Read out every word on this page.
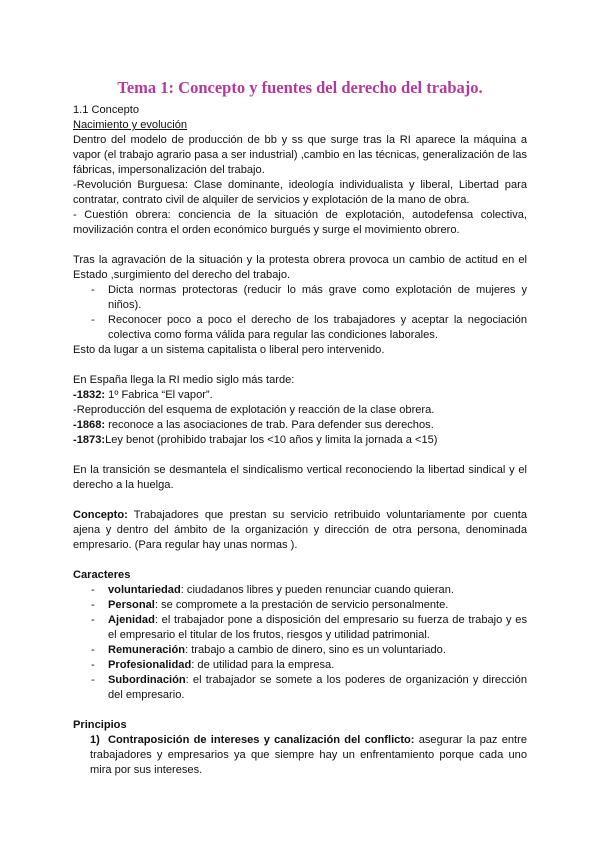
Tema 1: Concepto y fuentes del derecho del trabajo.
1.1 Concepto
Nacimiento y evolución
Dentro del modelo de producción de bb y ss que surge tras la RI aparece la máquina a
vapor (el trabajo agrario pasa a ser industrial) ,cambio en las técnicas, generalización de las
fábricas, impersonalización del trabajo.
-Revolución Burguesa: Clase dominante, ideología individualista y liberal, Libertad para
contratar, contrato civil de alquiler de servicios y explotación de la mano de obra.
- Cuestión obrera: conciencia de la situación de explotación, autodefensa colectiva,
movilización contra el orden económico burgués y surge el movimiento obrero.
Tras la agravación de la situación y la protesta obrera provoca un cambio de actitud en el
Estado ,surgimiento del derecho del trabajo.
- Dicta normas protectoras (reducir lo más grave como explotación de mujeres y
niños).
- Reconocer poco a poco el derecho de los trabajadores y aceptar la negociación
colectiva como forma válida para regular las condiciones laborales.
Esto da lugar a un sistema capitalista o liberal pero intervenido.
En España llega la RI medio siglo más tarde:
-1832: 1º Fabrica “El vapor”.
-Reproducción del esquema de explotación y reacción de la clase obrera.
-1868: reconoce a las asociaciones de trab. Para defender sus derechos.
-1873:Ley benot (prohibido trabajar los <10 años y limita la jornada a <15)
En la transición se desmantela el sindicalismo vertical reconociendo la libertad sindical y el
derecho a la huelga.
Concepto: Trabajadores que prestan su servicio retribuido voluntariamente por cuenta
ajena y dentro del ámbito de la organización y dirección de otra persona, denominada
empresario. (Para regular hay unas normas ).
Caracteres
- voluntariedad: ciudadanos libres y pueden renunciar cuando quieran.
- Personal: se compromete a la prestación de servicio personalmente.
- Ajenidad: el trabajador pone a disposición del empresario su fuerza de trabajo y es
el empresario el titular de los frutos, riesgos y utilidad patrimonial.
- Remuneración: trabajo a cambio de dinero, sino es un voluntariado.
- Profesionalidad: de utilidad para la empresa.
- Subordinación: el trabajador se somete a los poderes de organización y dirección
del empresario.
Principios
1) Contraposición de intereses y canalización del conflicto: asegurar la paz entre
trabajadores y empresarios ya que siempre hay un enfrentamiento porque cada uno
mira por sus intereses.
